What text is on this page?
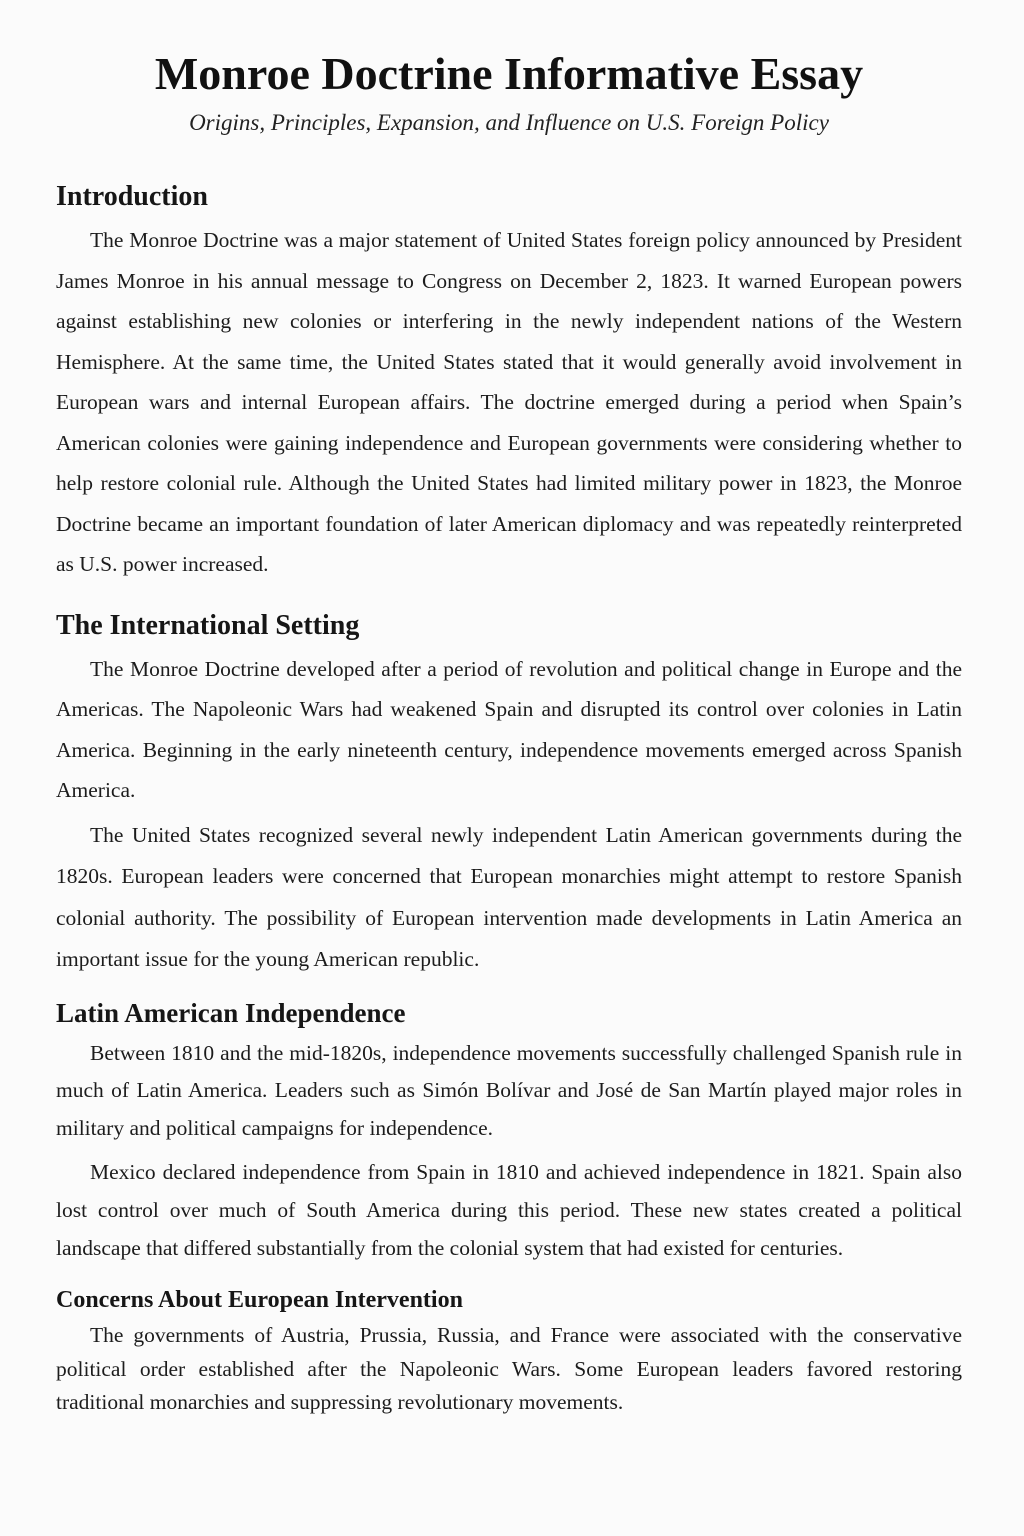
Monroe Doctrine Informative Essay
Origins, Principles, Expansion, and Influence on U.S. Foreign Policy
Introduction

The Monroe Doctrine was a major statement of United States foreign policy announced by President James Monroe in his annual message to Congress on December 2, 1823. It warned European powers against establishing new colonies or interfering in the newly independent nations of the Western Hemisphere. At the same time, the United States stated that it would generally avoid involvement in European wars and internal European affairs. The doctrine emerged during a period when Spain’s American colonies were gaining independence and European governments were considering whether to help restore colonial rule. Although the United States had limited military power in 1823, the Monroe Doctrine became an important foundation of later American diplomacy and was repeatedly reinterpreted as U.S. power increased.

The International Setting

The Monroe Doctrine developed after a period of revolution and political change in Europe and the Americas. The Napoleonic Wars had weakened Spain and disrupted its control over colonies in Latin America. Beginning in the early nineteenth century, independence movements emerged across Spanish America.

The United States recognized several newly independent Latin American governments during the 1820s. European leaders were concerned that European monarchies might attempt to restore Spanish colonial authority. The possibility of European intervention made developments in Latin America an important issue for the young American republic.

Latin American Independence

Between 1810 and the mid-1820s, independence movements successfully challenged Spanish rule in much of Latin America. Leaders such as Simón Bolívar and José de San Martín played major roles in military and political campaigns for independence.

Mexico declared independence from Spain in 1810 and achieved independence in 1821. Spain also lost control over much of South America during this period. These new states created a political landscape that differed substantially from the colonial system that had existed for centuries.

Concerns About European Intervention

The governments of Austria, Prussia, Russia, and France were associated with the conservative political order established after the Napoleonic Wars. Some European leaders favored restoring traditional monarchies and suppressing revolutionary movements.
